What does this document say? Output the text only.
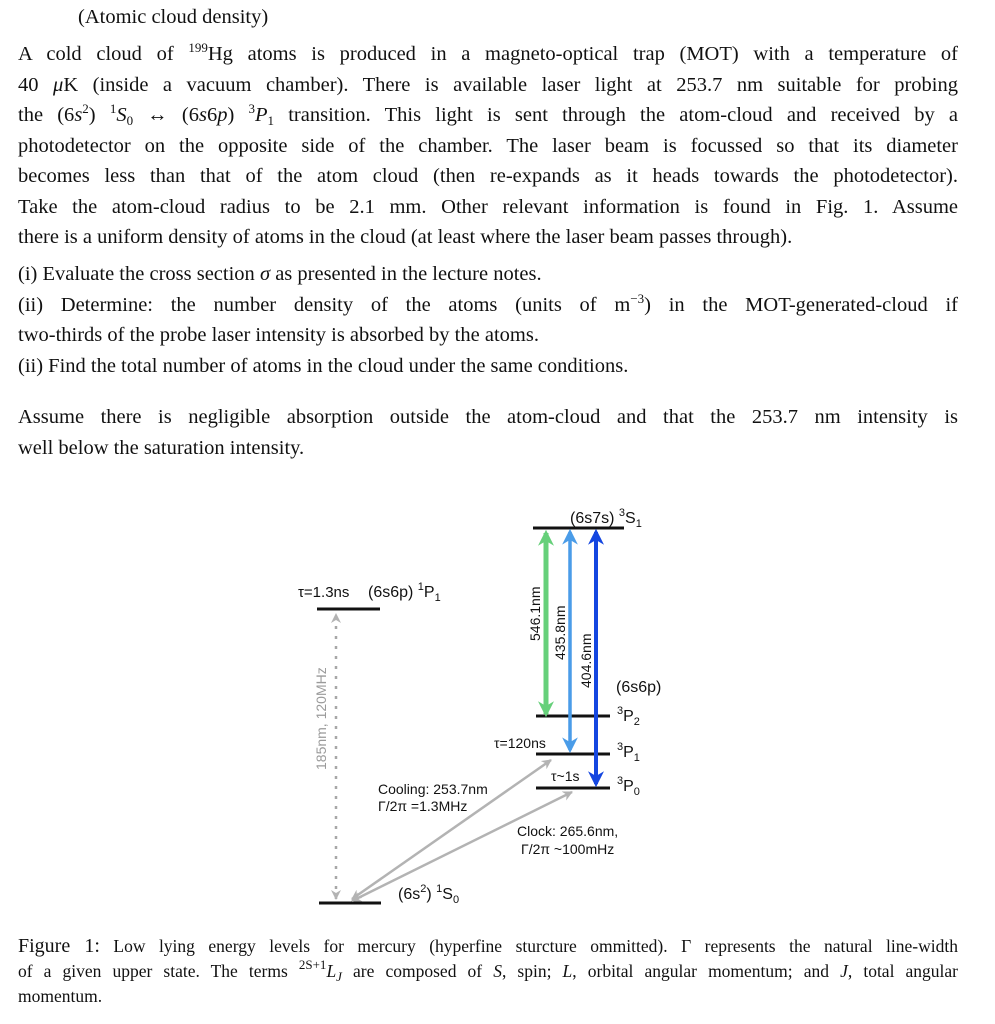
(Atomic cloud density)
A cold cloud of $^{199}$Hg atoms is produced in a magneto-optical trap (MOT) with a temperature of
40 μK (inside a vacuum chamber). There is available laser light at 253.7 nm suitable for probing
the $(6s^2)$ $^1S_0$ ↔ (6s6p) $^3P_1$ transition. This light is sent through the atom-cloud and received by a
photodetector on the opposite side of the chamber. The laser beam is focussed so that its diameter
becomes less than that of the atom cloud (then re-expands as it heads towards the photodetector).
Take the atom-cloud radius to be 2.1 mm. Other relevant information is found in Fig. 1. Assume
there is a uniform density of atoms in the cloud (at least where the laser beam passes through).
(i) Evaluate the cross section σ as presented in the lecture notes.
(ii) Determine: the number density of the atoms (units of $m^{-3}$) in the MOT-generated-cloud if
two-thirds of the probe laser intensity is absorbed by the atoms.
(ii) Find the total number of atoms in the cloud under the same conditions.
Assume there is negligible absorption outside the atom-cloud and that the 253.7 nm intensity is
well below the saturation intensity.
(6s7s) $^3S_1$
τ=1.3ns (6s6p) $^1P_1$
(6s6p)
$^3P_2$
$^3P_1$
$^3P_0$
τ=120ns
τ~1s
$(6s^2)$ $^1S_0$
546.1nm 435.8nm
404.6nm
185nm, 120MHz
Cooling: 253.7nm
Γ/2π =1.3MHz
Clock: 265.6nm,
Γ/2π ~100mHz
Figure 1: Low lying energy levels for mercury (hyperfine sturcture ommitted). Γ represents the natural line-width
of a given upper state. The terms $^{2S+1}L_J$ are composed of S, spin; L, orbital angular momentum; and J, total angular
momentum.
